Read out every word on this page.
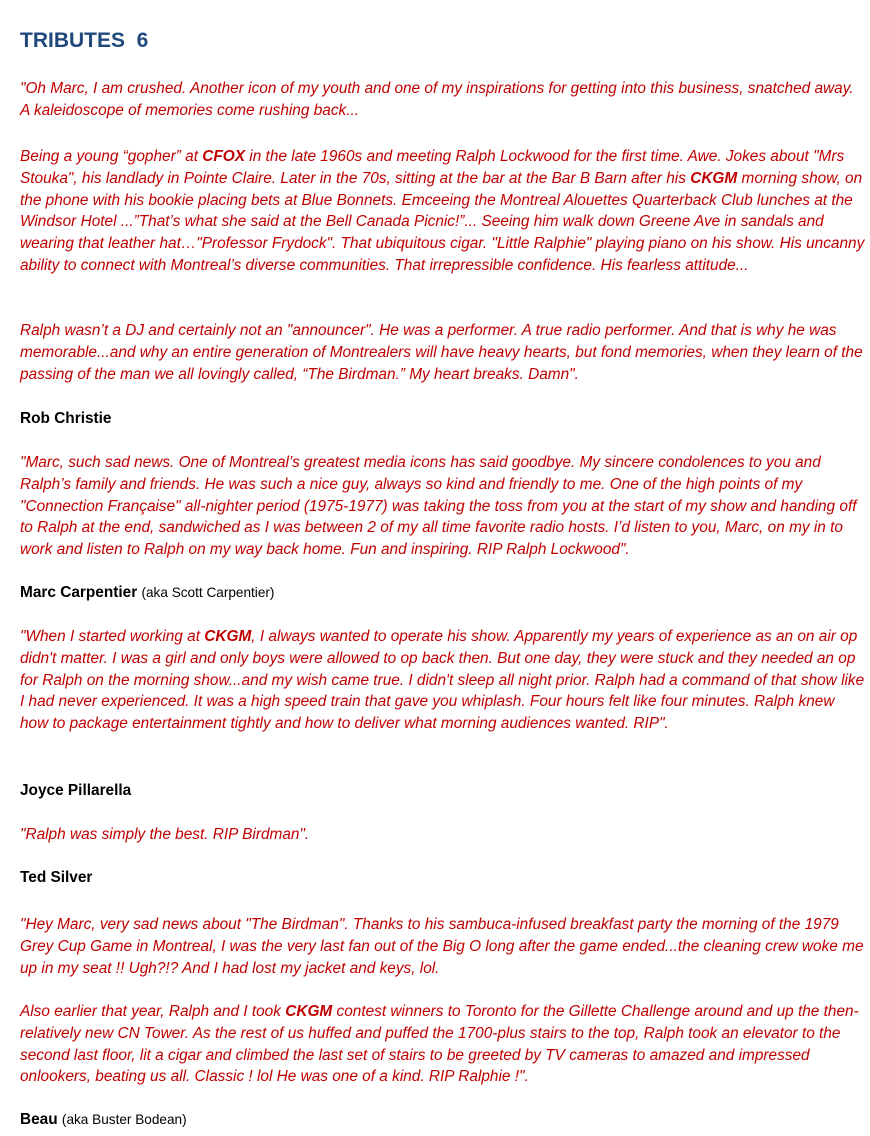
TRIBUTES  6

"Oh Marc, I am crushed. Another icon of my youth and one of my inspirations for getting into this business, snatched away. A kaleidoscope of memories come rushing back...

Being a young “gopher” at CFOX in the late 1960s and meeting Ralph Lockwood for the first time. Awe. Jokes about "Mrs Stouka", his landlady in Pointe Claire. Later in the 70s, sitting at the bar at the Bar B Barn after his CKGM morning show, on the phone with his bookie placing bets at Blue Bonnets. Emceeing the Montreal Alouettes Quarterback Club lunches at the Windsor Hotel ...”That’s what she said at the Bell Canada Picnic!”... Seeing him walk down Greene Ave in sandals and wearing that leather hat…"Professor Frydock". That ubiquitous cigar. "Little Ralphie" playing piano on his show. His uncanny ability to connect with Montreal’s diverse communities. That irrepressible confidence. His fearless attitude...

Ralph wasn’t a DJ and certainly not an "announcer". He was a performer. A true radio performer. And that is why he was memorable...and why an entire generation of Montrealers will have heavy hearts, but fond memories, when they learn of the passing of the man we all lovingly called, “The Birdman.” My heart breaks. Damn".

Rob Christie

"Marc, such sad news. One of Montreal’s greatest media icons has said goodbye. My sincere condolences to you and Ralph’s family and friends. He was such a nice guy, always so kind and friendly to me. One of the high points of my "Connection Française" all-nighter period (1975-1977) was taking the toss from you at the start of my show and handing off to Ralph at the end, sandwiched as I was between 2 of my all time favorite radio hosts. I’d listen to you, Marc, on my in to work and listen to Ralph on my way back home. Fun and inspiring. RIP Ralph Lockwood".

Marc Carpentier (aka Scott Carpentier)

"When I started working at CKGM, I always wanted to operate his show. Apparently my years of experience as an on air op didn't matter. I was a girl and only boys were allowed to op back then. But one day, they were stuck and they needed an op for Ralph on the morning show...and my wish came true. I didn't sleep all night prior. Ralph had a command of that show like I had never experienced. It was a high speed train that gave you whiplash. Four hours felt like four minutes. Ralph knew how to package entertainment tightly and how to deliver what morning audiences wanted. RIP".

Joyce Pillarella

"Ralph was simply the best. RIP Birdman".

Ted Silver

"Hey Marc, very sad news about "The Birdman". Thanks to his sambuca-infused breakfast party the morning of the 1979 Grey Cup Game in Montreal, I was the very last fan out of the Big O long after the game ended...the cleaning crew woke me up in my seat !! Ugh?!? And I had lost my jacket and keys, lol.

Also earlier that year, Ralph and I took CKGM contest winners to Toronto for the Gillette Challenge around and up the then-relatively new CN Tower. As the rest of us huffed and puffed the 1700-plus stairs to the top, Ralph took an elevator to the second last floor, lit a cigar and climbed the last set of stairs to be greeted by TV cameras to amazed and impressed onlookers, beating us all. Classic ! lol He was one of a kind. RIP Ralphie !".

Beau (aka Buster Bodean)
